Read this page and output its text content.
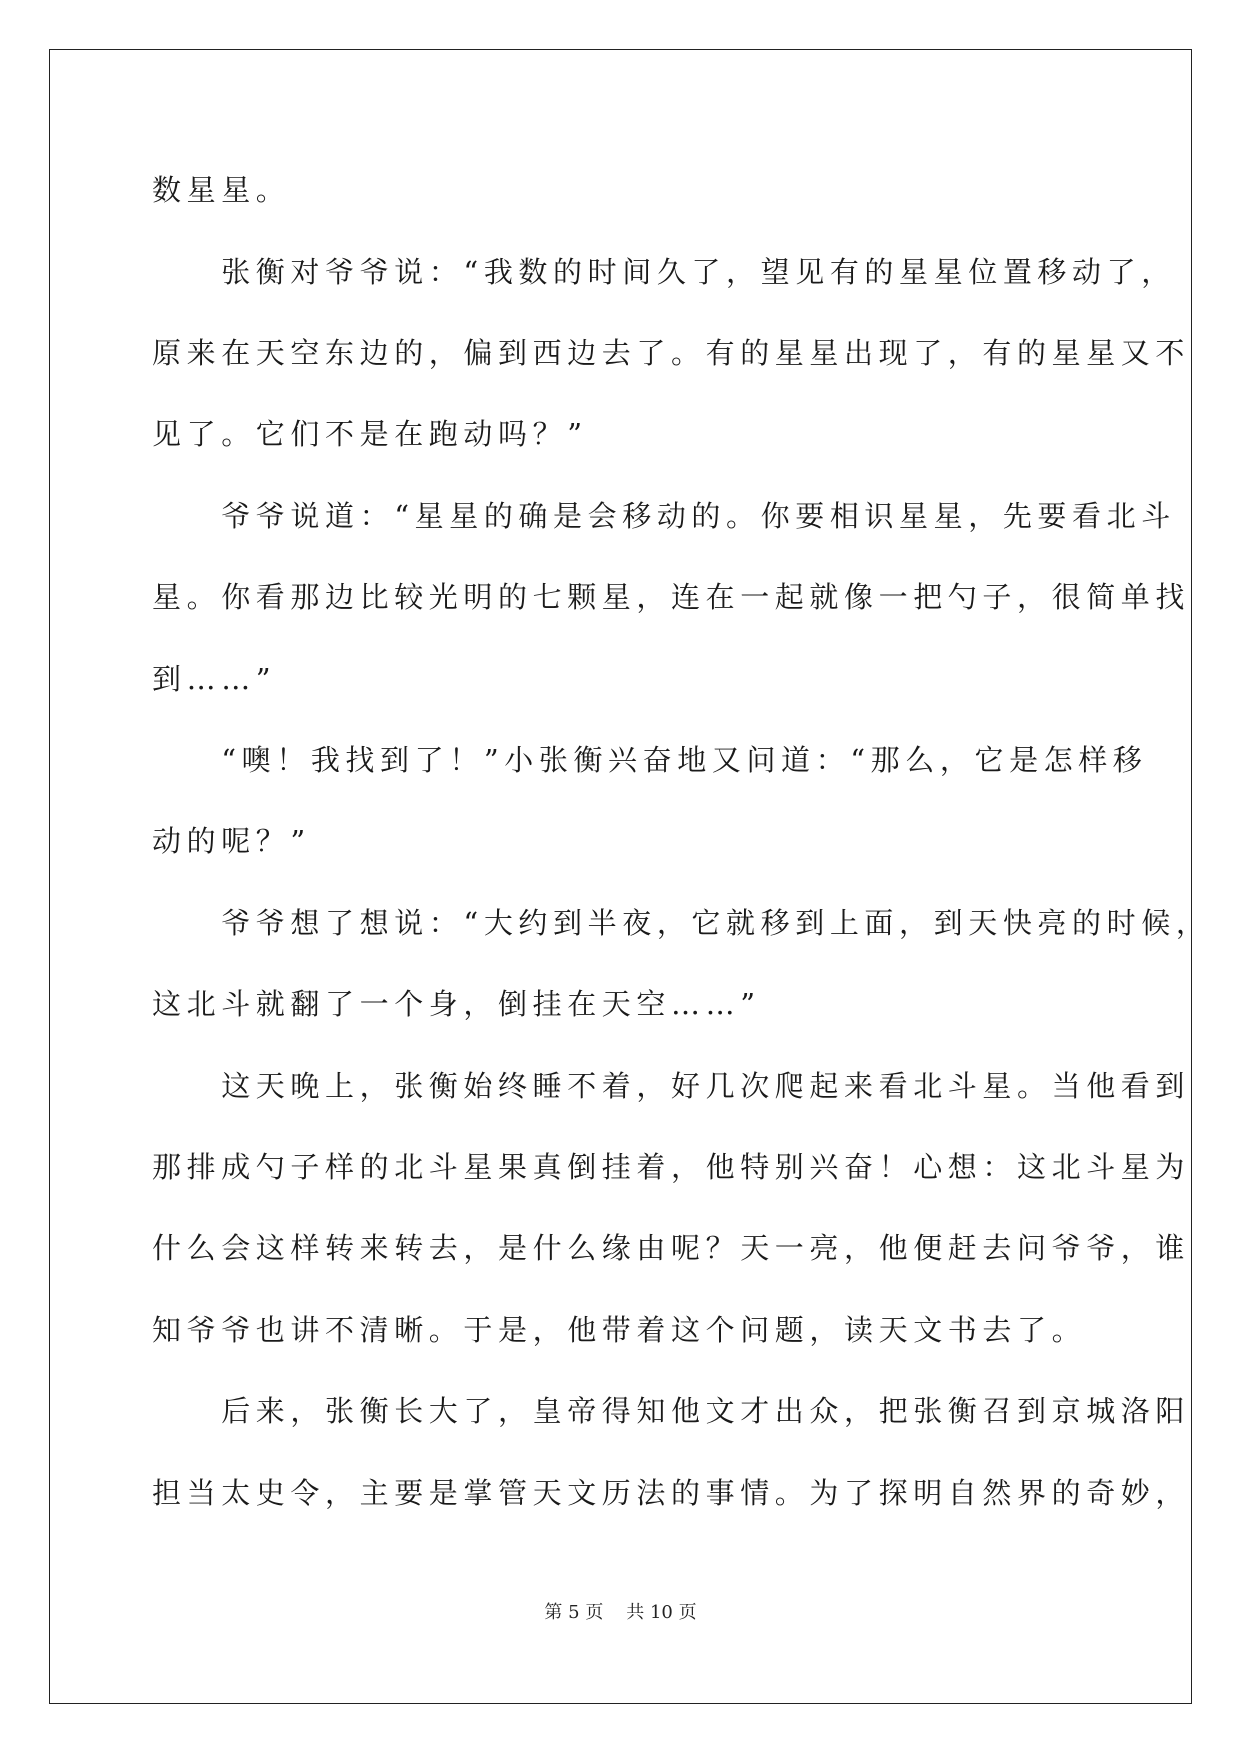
数星星。
　　张衡对爷爷说：“我数的时间久了，望见有的星星位置移动了，
原来在天空东边的，偏到西边去了。有的星星出现了，有的星星又不
见了。它们不是在跑动吗？”
　　爷爷说道：“星星的确是会移动的。你要相识星星，先要看北斗
星。你看那边比较光明的七颗星，连在一起就像一把勺子，很简单找
到……”
　　“噢！我找到了！”小张衡兴奋地又问道：“那么，它是怎样移
动的呢？”
　　爷爷想了想说：“大约到半夜，它就移到上面，到天快亮的时候，
这北斗就翻了一个身，倒挂在天空……”
　　这天晚上，张衡始终睡不着，好几次爬起来看北斗星。当他看到
那排成勺子样的北斗星果真倒挂着，他特别兴奋！心想：这北斗星为
什么会这样转来转去，是什么缘由呢？天一亮，他便赶去问爷爷，谁
知爷爷也讲不清晰。于是，他带着这个问题，读天文书去了。
　　后来，张衡长大了，皇帝得知他文才出众，把张衡召到京城洛阳
担当太史令，主要是掌管天文历法的事情。为了探明自然界的奇妙，
第 5 页 共 10 页
